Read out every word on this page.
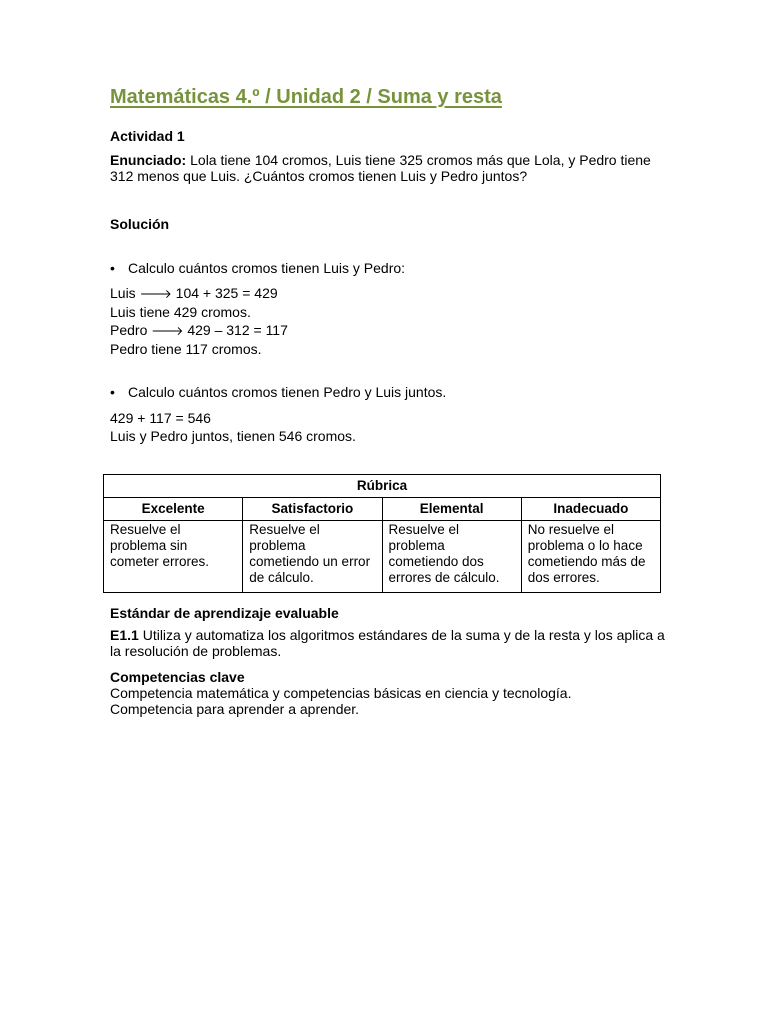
Matemáticas 4.º / Unidad 2 / Suma y resta

Actividad 1

Enunciado: Lola tiene 104 cromos, Luis tiene 325 cromos más que Lola, y Pedro tiene 312 menos que Luis. ¿Cuántos cromos tienen Luis y Pedro juntos?

Solución

• Calculo cuántos cromos tienen Luis y Pedro:

Luis 🡒 104 + 325 = 429

Luis tiene 429 cromos.

Pedro 🡒 429 – 312 = 117

Pedro tiene 117 cromos.

• Calculo cuántos cromos tienen Pedro y Luis juntos.

429 + 117 = 546

Luis y Pedro juntos, tienen 546 cromos.

Rúbrica			
Excelente	Satisfactorio	Elemental	Inadecuado
Resuelve el problema sin cometer errores.	Resuelve el problema cometiendo un error de cálculo.	Resuelve el problema cometiendo dos errores de cálculo.	No resuelve el problema o lo hace cometiendo más de dos errores.

Estándar de aprendizaje evaluable

E1.1 Utiliza y automatiza los algoritmos estándares de la suma y de la resta y los aplica a la resolución de problemas.

Competencias clave

Competencia matemática y competencias básicas en ciencia y tecnología.

Competencia para aprender a aprender.
